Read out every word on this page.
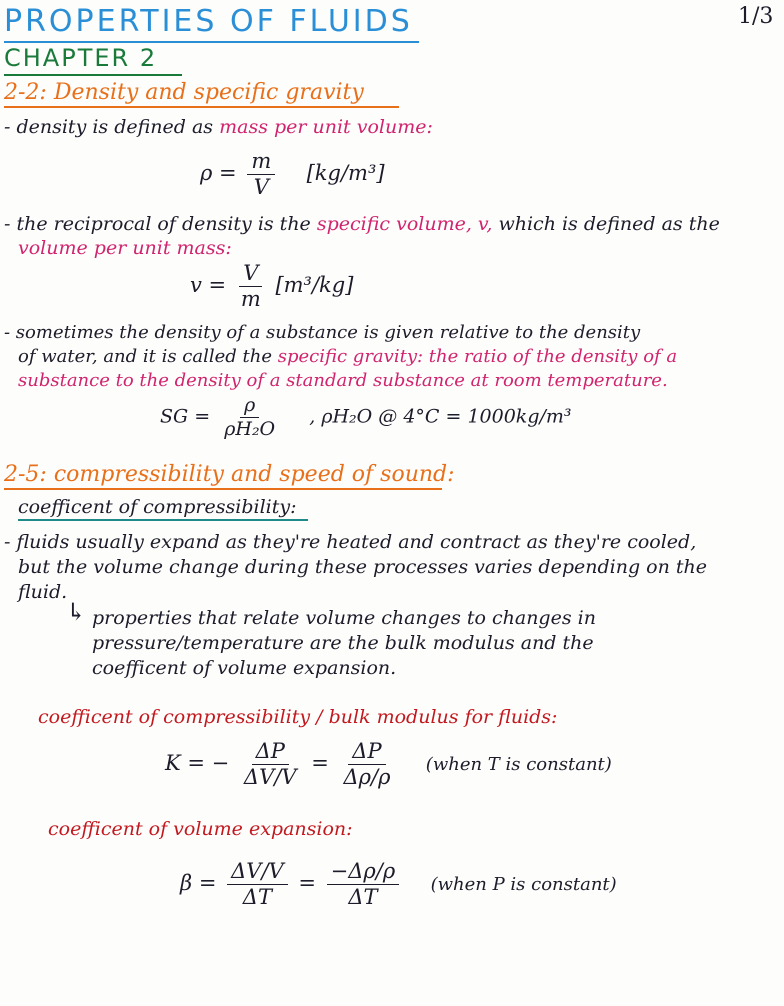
PROPERTIES OF FLUIDS	1/3
CHAPTER 2
2-2: Density and specific gravity
- density is defined as mass per unit volume:
$\rho = \frac{m}{V} [kg/m^3]$
- the reciprocal of density is the specific volume, v, which is defined as the
volume per unit mass:
$v = \frac{V}{m} [m^3/kg]$
- sometimes the density of a substance is given relative to the density
of water, and it is called the specific gravity: the ratio of the density of a
substance to the density of a standard substance at room temperature.
SG = $\frac{\rho}{\text{ρH₂O}}$ , ρH₂O @ 4°C = 1000kg/m³
2-5: compressibility and speed of sound:
coefficent of compressibility:
- fluids usually expand as they're heated and contract as they're cooled,
but the volume change during these processes varies depending on the
fluid.
↳ properties that relate volume changes to changes in
pressure/temperature are the bulk modulus and the
coefficent of volume expansion.
coefficent of compressibility / bulk modulus for fluids:
K = − $\frac{\Delta P}{\Delta V/V} = \frac{\Delta P}{\Delta\rho/\rho}$ (when T is constant)
coefficent of volume expansion:
$\beta = \frac{\Delta V/V}{\Delta T} = \frac{-\Delta\rho/\rho}{\Delta T}$ (when P is constant)
